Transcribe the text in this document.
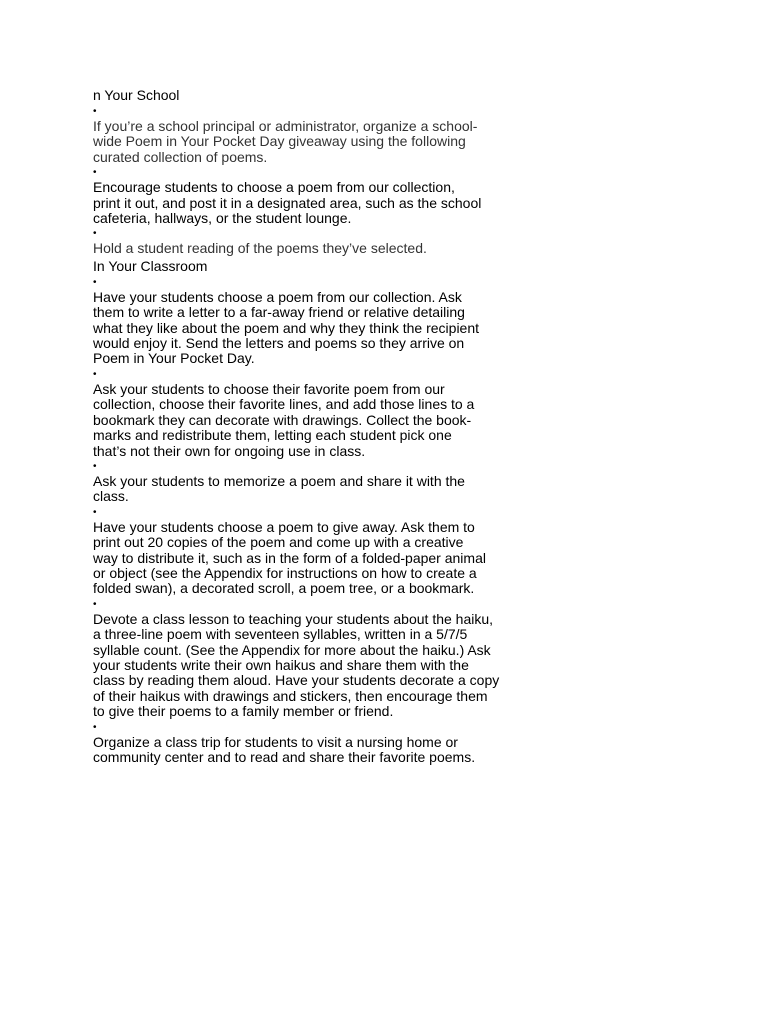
n Your School
•
If you’re a school principal or administrator, organize a school-
wide Poem in Your Pocket Day giveaway using the following
curated collection of poems.
•
Encourage students to choose a poem from our collection,
print it out, and post it in a designated area, such as the school
cafeteria, hallways, or the student lounge.
•
Hold a student reading of the poems they’ve selected.
In Your Classroom
•
Have your students choose a poem from our collection. Ask
them to write a letter to a far-away friend or relative detailing
what they like about the poem and why they think the recipient
would enjoy it. Send the letters and poems so they arrive on
Poem in Your Pocket Day.
•
Ask your students to choose their favorite poem from our
collection, choose their favorite lines, and add those lines to a
bookmark they can decorate with drawings. Collect the book-
marks and redistribute them, letting each student pick one
that’s not their own for ongoing use in class.
•
Ask your students to memorize a poem and share it with the
class.
•
Have your students choose a poem to give away. Ask them to
print out 20 copies of the poem and come up with a creative
way to distribute it, such as in the form of a folded-paper animal
or object (see the Appendix for instructions on how to create a
folded swan), a decorated scroll, a poem tree, or a bookmark.
•
Devote a class lesson to teaching your students about the haiku,
a three-line poem with seventeen syllables, written in a 5/7/5
syllable count. (See the Appendix for more about the haiku.) Ask
your students write their own haikus and share them with the
class by reading them aloud. Have your students decorate a copy
of their haikus with drawings and stickers, then encourage them
to give their poems to a family member or friend.
•
Organize a class trip for students to visit a nursing home or
community center and to read and share their favorite poems.
